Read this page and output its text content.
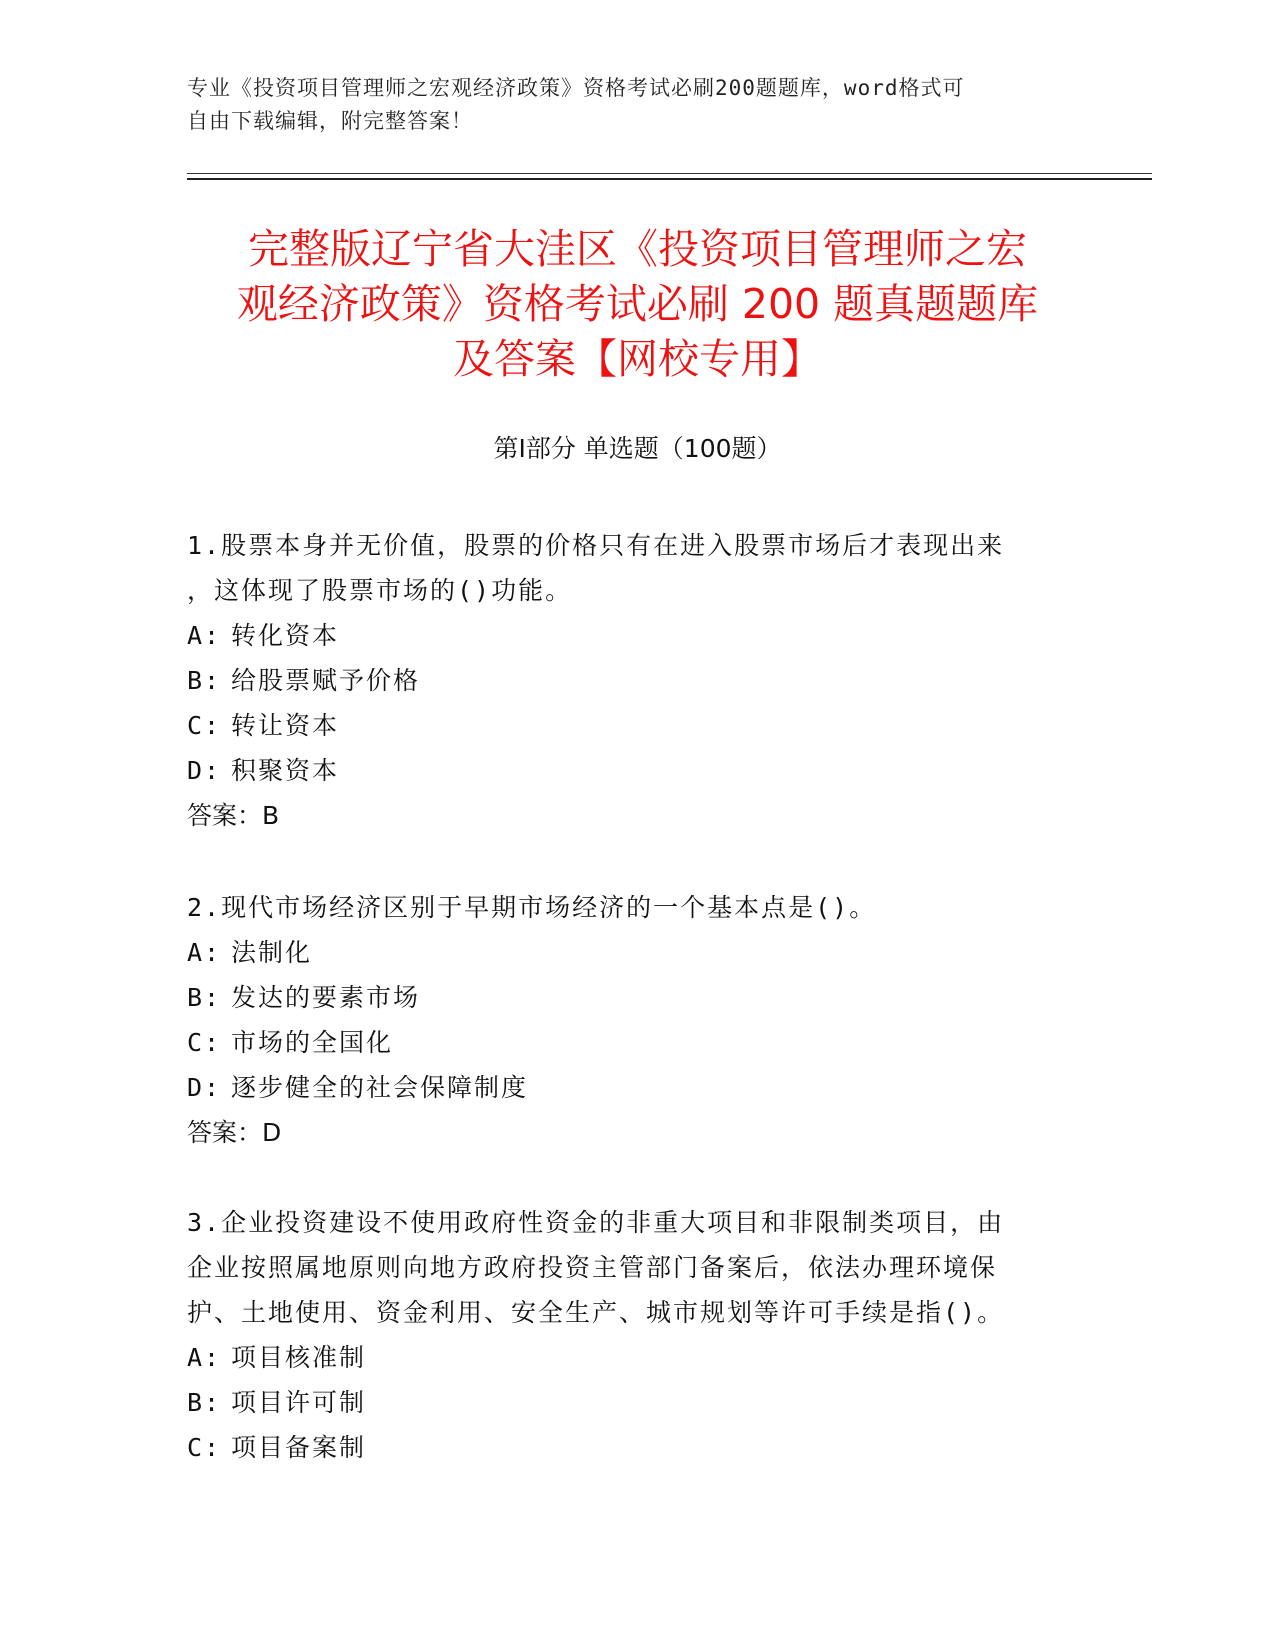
专业《投资项目管理师之宏观经济政策》资格考试必刷200题题库，word格式可
自由下载编辑，附完整答案！
完整版辽宁省大洼区《投资项目管理师之宏
观经济政策》资格考试必刷 200 题真题题库
及答案【网校专用】
第Ⅰ部分 单选题（100题）
1.股票本身并无价值，股票的价格只有在进入股票市场后才表现出来
，这体现了股票市场的()功能。
A: 转化资本
B: 给股票赋予价格
C: 转让资本
D: 积聚资本
答案：B
2.现代市场经济区别于早期市场经济的一个基本点是()。
A: 法制化
B: 发达的要素市场
C: 市场的全国化
D: 逐步健全的社会保障制度
答案：D
3.企业投资建设不使用政府性资金的非重大项目和非限制类项目，由
企业按照属地原则向地方政府投资主管部门备案后，依法办理环境保
护、土地使用、资金利用、安全生产、城市规划等许可手续是指()。
A: 项目核准制
B: 项目许可制
C: 项目备案制
